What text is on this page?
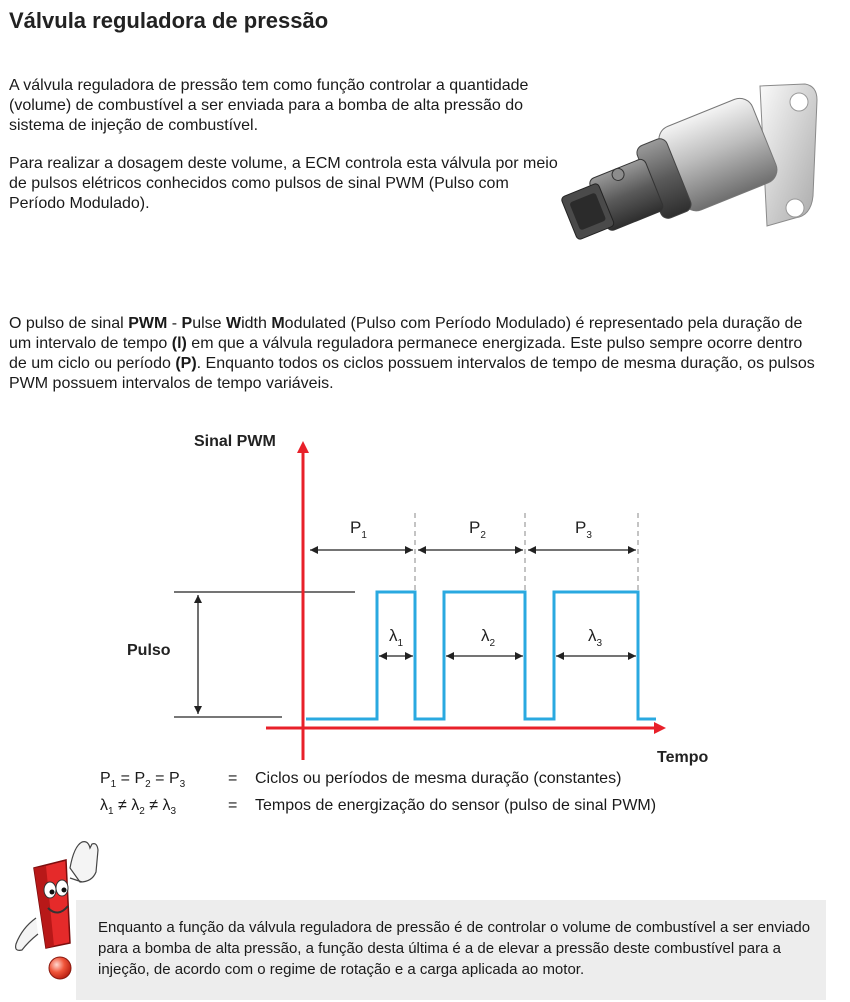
Válvula reguladora de pressão

A válvula reguladora de pressão tem como função controlar a quantidade (volume) de combustível a ser enviada para a bomba de alta pressão do sistema de injeção de combustível.

Para realizar a dosagem deste volume, a ECM controla esta válvula por meio de pulsos elétricos conhecidos como pulsos de sinal PWM (Pulso com Período Modulado).

O pulso de sinal PWM - Pulse Width Modulated (Pulso com Período Modulado) é representado pela duração de um intervalo de tempo (l) em que a válvula reguladora permanece energizada. Este pulso sempre ocorre dentro de um ciclo ou período (P). Enquanto todos os ciclos possuem intervalos de tempo de mesma duração, os pulsos PWM possuem intervalos de tempo variáveis.

Sinal PWM
Tempo
Pulso
$P_1$	$P_2$	$P_3$
$\lambda_1$	$\lambda_2$	$\lambda_3$
$P_1 = P_2 = P_3$	= Ciclos ou períodos de mesma duração (constantes)
$\lambda_1 \ne \lambda_2 \ne \lambda_3$	= Tempos de energização do sensor (pulso de sinal PWM)

Enquanto a função da válvula reguladora de pressão é de controlar o volume de combustível a ser enviado para a bomba de alta pressão, a função desta última é a de elevar a pressão deste combustível para a injeção, de acordo com o regime de rotação e a carga aplicada ao motor.
